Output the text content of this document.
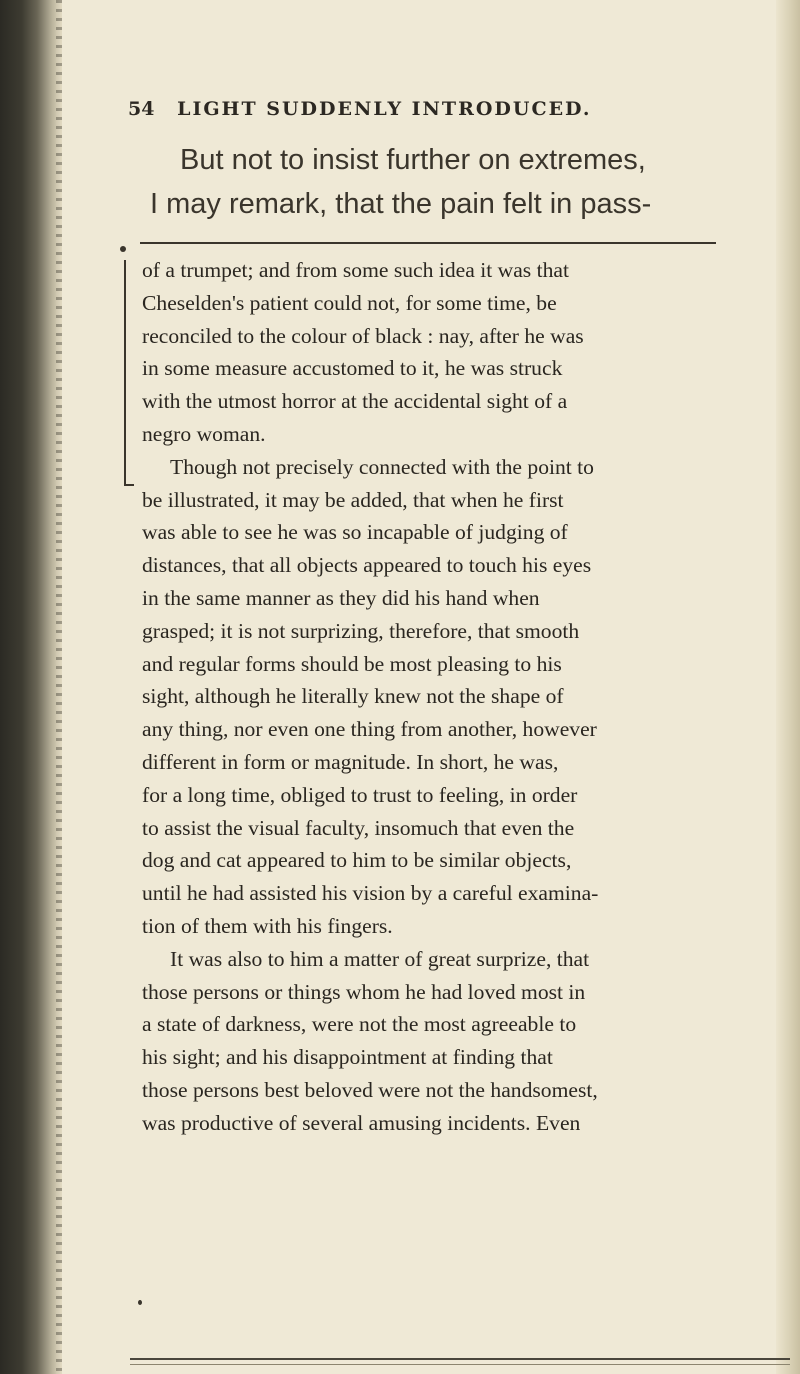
54 LIGHT SUDDENLY INTRODUCED.
But not to insist further on extremes,
I may remark, that the pain felt in pass-
of a trumpet; and from some such idea it was that
Cheselden's patient could not, for some time, be
reconciled to the colour of black : nay, after he was
in some measure accustomed to it, he was struck
with the utmost horror at the accidental sight of a
negro woman.
Though not precisely connected with the point to
be illustrated, it may be added, that when he first
was able to see he was so incapable of judging of
distances, that all objects appeared to touch his eyes
in the same manner as they did his hand when
grasped; it is not surprizing, therefore, that smooth
and regular forms should be most pleasing to his
sight, although he literally knew not the shape of
any thing, nor even one thing from another, however
different in form or magnitude. In short, he was,
for a long time, obliged to trust to feeling, in order
to assist the visual faculty, insomuch that even the
dog and cat appeared to him to be similar objects,
until he had assisted his vision by a careful examina-
tion of them with his fingers.
It was also to him a matter of great surprize, that
those persons or things whom he had loved most in
a state of darkness, were not the most agreeable to
his sight; and his disappointment at finding that
those persons best beloved were not the handsomest,
was productive of several amusing incidents. Even
